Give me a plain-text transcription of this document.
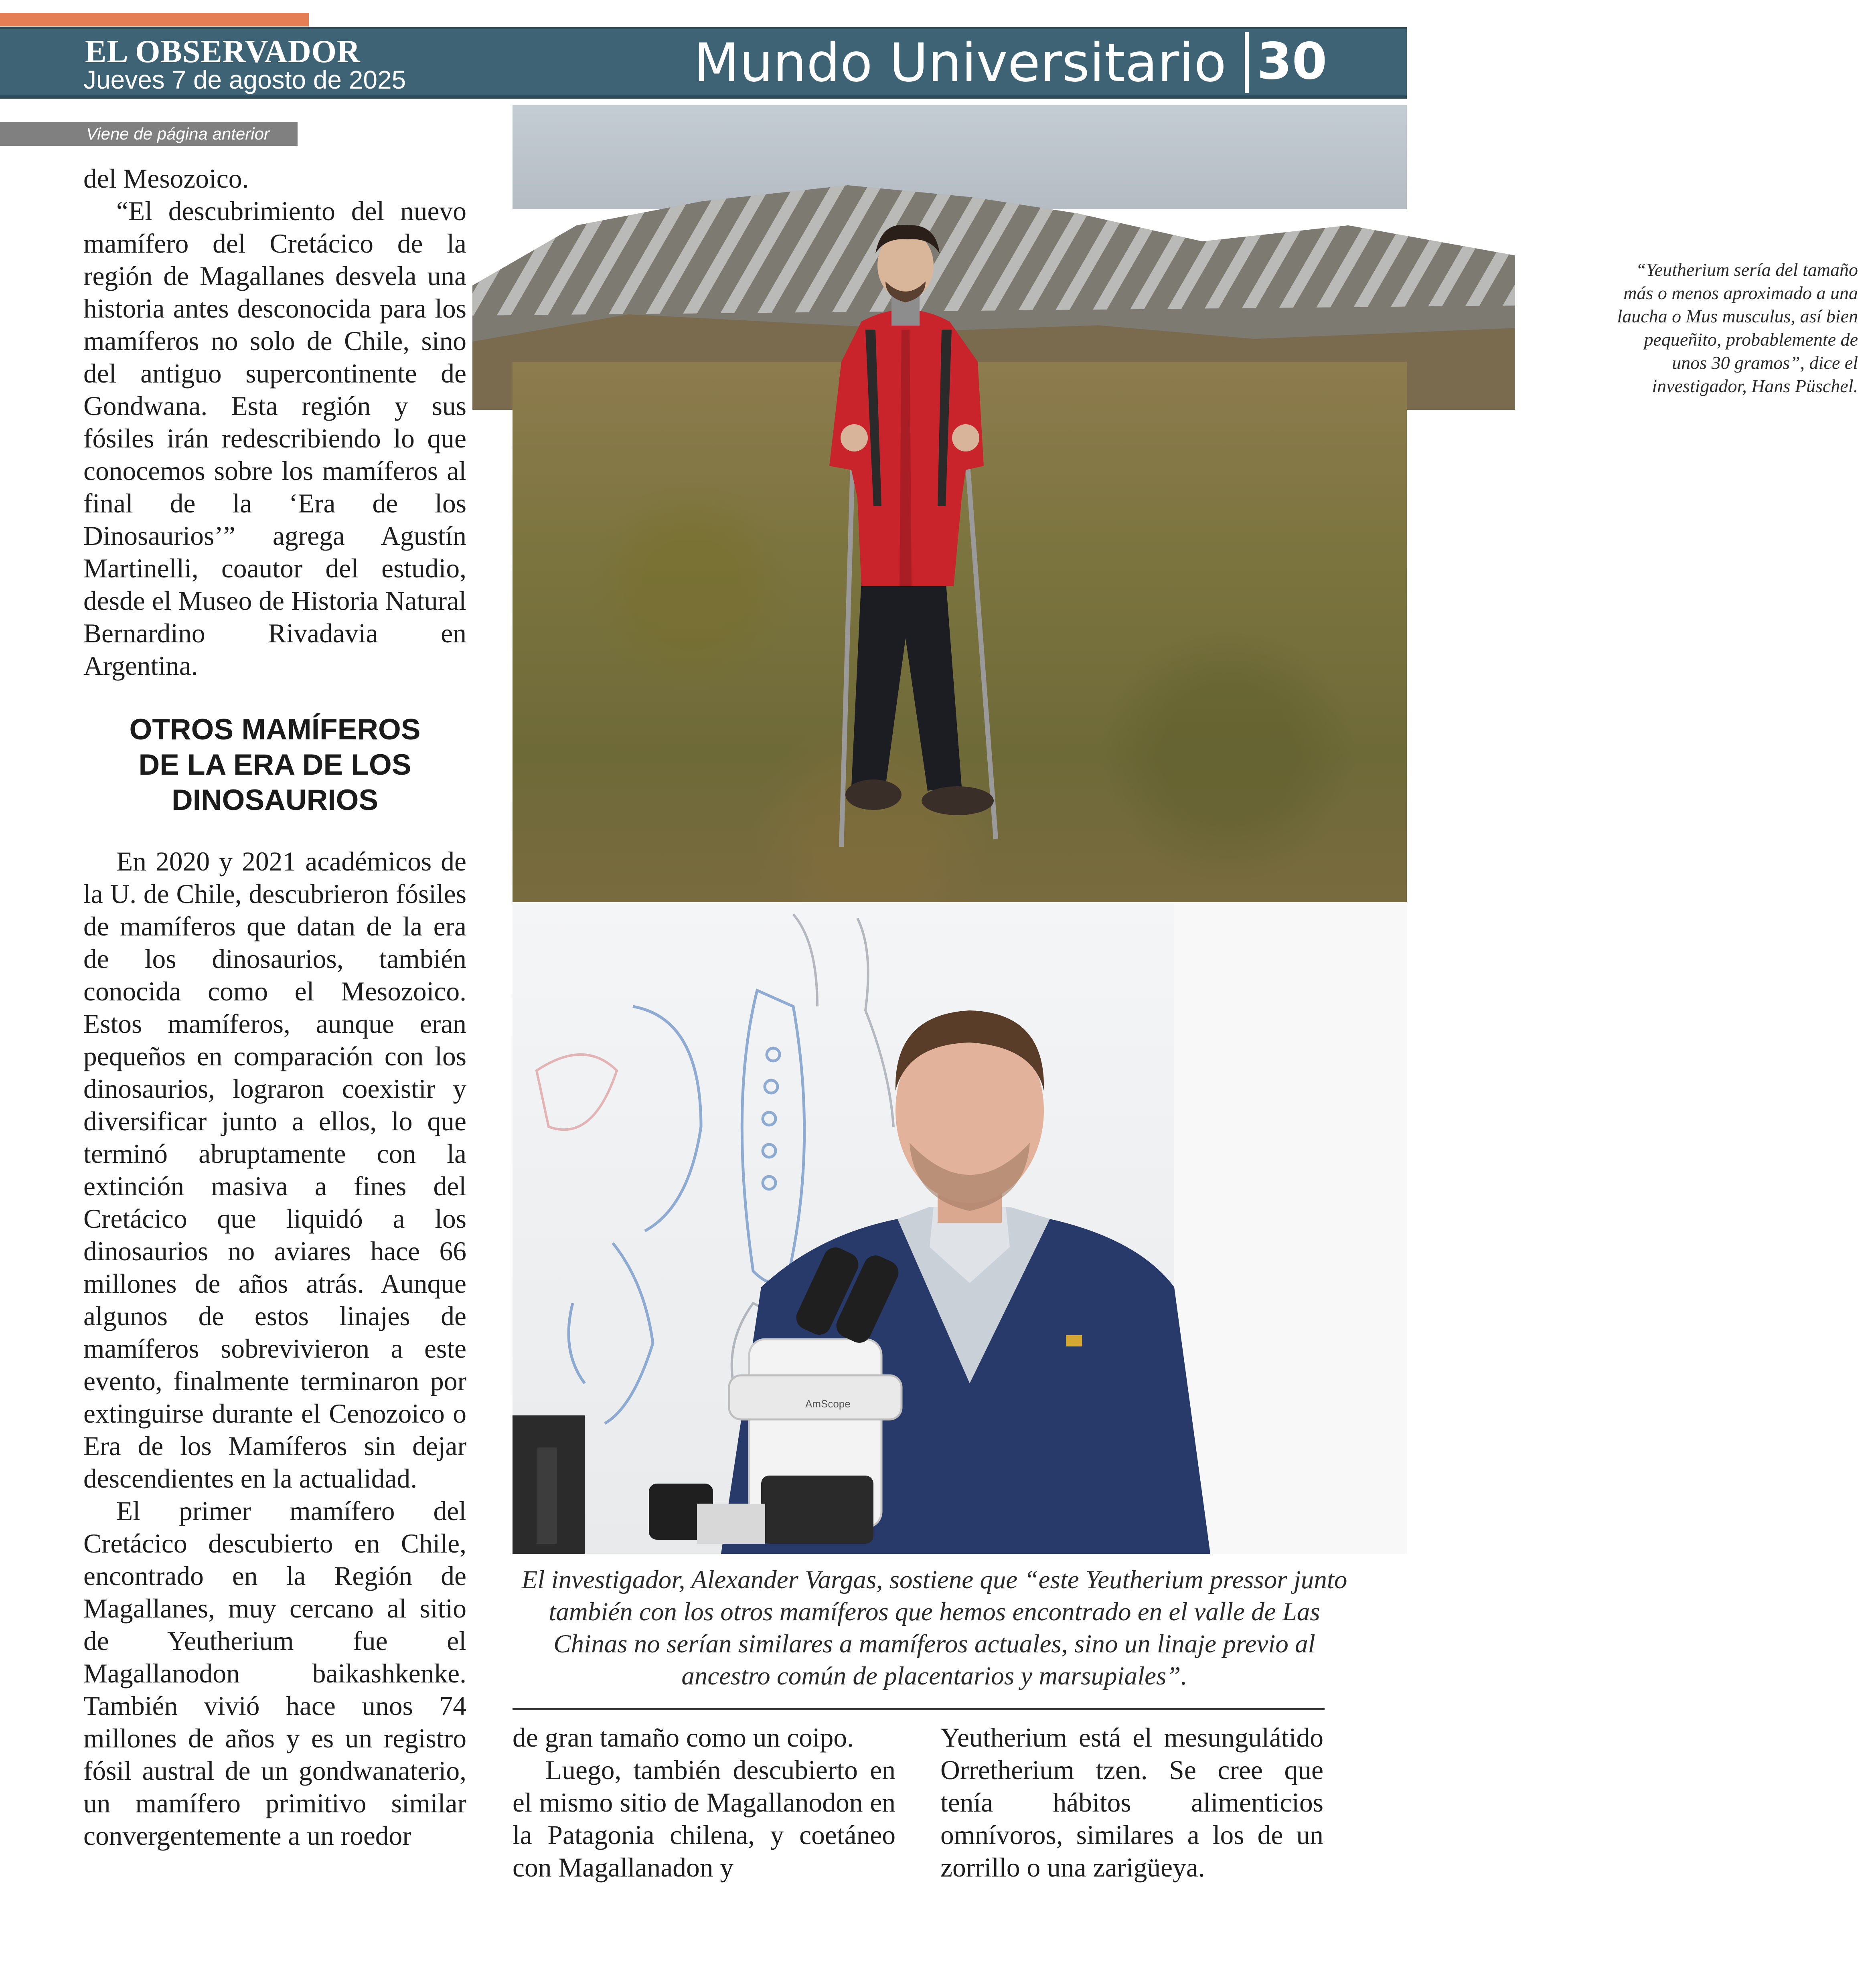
EL OBSERVADOR
Jueves 7 de agosto de 2025	Mundo Universitario 30
Viene de página anterior

del Mesozoico.

“El descubrimiento del nuevo mamífero del Cretácico de la región de Magallanes desvela una historia antes desconocida para los mamíferos no solo de Chile, sino del antiguo supercontinente de Gondwana. Esta región y sus fósiles irán redescribiendo lo que conocemos sobre los mamíferos al final de la ‘Era de los Dinosaurios’” agrega Agustín Martinelli, coautor del estudio, desde el Museo de Historia Natural Bernardino Rivadavia en Argentina.

OTROS MAMÍFEROS
DE LA ERA DE LOS
DINOSAURIOS

En 2020 y 2021 académicos de la U. de Chile, descubrieron fósiles de mamíferos que datan de la era de los dinosaurios, también conocida como el Mesozoico. Estos mamíferos, aunque eran pequeños en comparación con los dinosaurios, lograron coexistir y diversificar junto a ellos, lo que terminó abruptamente con la extinción masiva a fines del Cretácico que liquidó a los dinosaurios no aviares hace 66 millones de años atrás. Aunque algunos de estos linajes de mamíferos sobrevivieron a este evento, finalmente terminaron por extinguirse durante el Cenozoico o Era de los Mamíferos sin dejar descendientes en la actualidad.

El primer mamífero del Cretácico descubierto en Chile, encontrado en la Región de Magallanes, muy cercano al sitio de Yeutherium fue el Magallanodon baikashkenke. También vivió hace unos 74 millones de años y es un registro fósil austral de un gondwanaterio, un mamífero primitivo similar convergentemente a un roedor

“Yeutherium sería del tamaño más o menos aproximado a una laucha o Mus musculus, así bien pequeñito, probablemente de unos 30 gramos”, dice el investigador, Hans Püschel.
AmScope
El investigador, Alexander Vargas, sostiene que “este Yeutherium pressor junto también con los otros mamíferos que hemos encontrado en el valle de Las Chinas no serían similares a mamíferos actuales, sino un linaje previo al ancestro común de placentarios y marsupiales”.

de gran tamaño como un coipo.

Luego, también descubierto en el mismo sitio de Magallanodon en la Patagonia chilena, y coetáneo con Magallanadon y

Yeutherium está el mesungulátido Orretherium tzen. Se cree que tenía hábitos alimenticios omnívoros, similares a los de un zorrillo o una zarigüeya.
